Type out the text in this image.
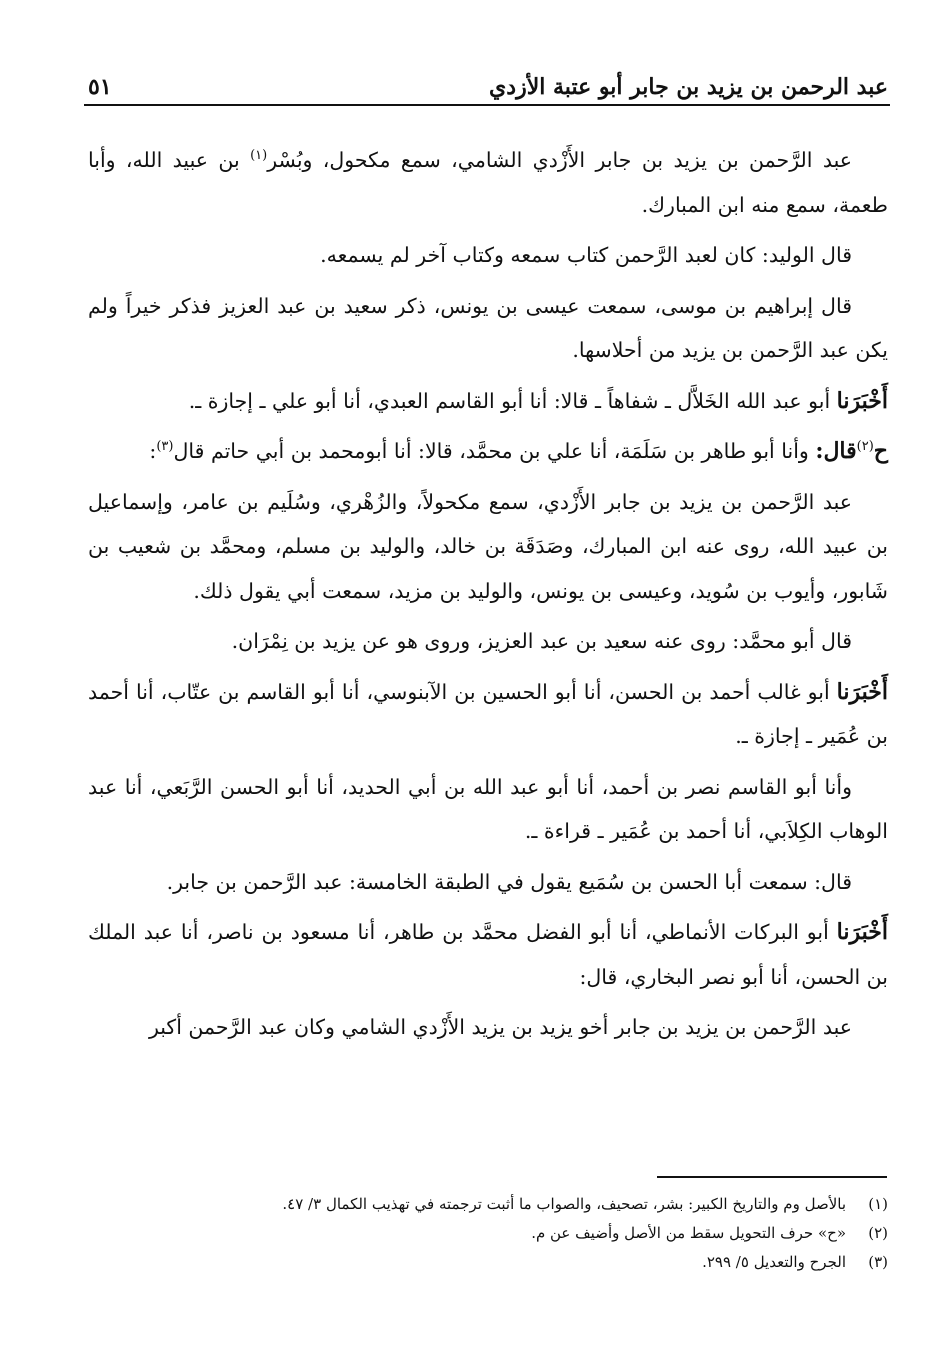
عبد الرحمن بن يزيد بن جابر أبو عتبة الأزدي
٥١

عبد الرَّحمن بن يزيد بن جابر الأَزْدي الشامي، سمع مكحول، وبُسْر$^{(١)}$ بن عبيد الله، وأبا طعمة، سمع منه ابن المبارك.

قال الوليد: كان لعبد الرَّحمن كتاب سمعه وكتاب آخر لم يسمعه.

قال إبراهيم بن موسى، سمعت عيسى بن يونس، ذكر سعيد بن عبد العزيز فذكر خيراً ولم يكن عبد الرَّحمن بن يزيد من أحلاسها.

أَخْبَرَنا أبو عبد الله الخَلاَّل ـ شفاهاً ـ قالا: أنا أبو القاسم العبدي، أنا أبو علي ـ إجازة ـ.

ح$^{(٢)}$قال: وأنا أبو طاهر بن سَلَمَة، أنا علي بن محمَّد، قالا: أنا أبومحمد بن أبي حاتم قال$^{(٣)}$:

عبد الرَّحمن بن يزيد بن جابر الأَزْدي، سمع مكحولاً، والزُهْري، وسُلَيم بن عامر، وإسماعيل بن عبيد الله، روى عنه ابن المبارك، وصَدَقَة بن خالد، والوليد بن مسلم، ومحمَّد بن شعيب بن شَابور، وأيوب بن سُويد، وعيسى بن يونس، والوليد بن مزيد، سمعت أبي يقول ذلك.

قال أبو محمَّد: روى عنه سعيد بن عبد العزيز، وروى هو عن يزيد بن نِمْرَان.

أَخْبَرَنا أبو غالب أحمد بن الحسن، أنا أبو الحسين بن الآبنوسي، أنا أبو القاسم بن عتّاب، أنا أحمد بن عُمَير ـ إجازة ـ.

وأنا أبو القاسم نصر بن أحمد، أنا أبو عبد الله بن أبي الحديد، أنا أبو الحسن الرَّبَعي، أنا عبد الوهاب الكِلاَبي، أنا أحمد بن عُمَير ـ قراءة ـ.

قال: سمعت أبا الحسن بن سُمَيع يقول في الطبقة الخامسة: عبد الرَّحمن بن جابر.

أَخْبَرَنا أبو البركات الأنماطي، أنا أبو الفضل محمَّد بن طاهر، أنا مسعود بن ناصر، أنا عبد الملك بن الحسن، أنا أبو نصر البخاري، قال:

عبد الرَّحمن بن يزيد بن جابر أخو يزيد بن يزيد الأَزْدي الشامي وكان عبد الرَّحمن أكبر

(١)
بالأصل وم والتاريخ الكبير: بشر، تصحيف، والصواب ما أثبت ترجمته في تهذيب الكمال ٣/ ٤٧.
(٢)
«ح» حرف التحويل سقط من الأصل وأضيف عن م.
(٣)
الجرح والتعديل ٥/ ٢٩٩.
